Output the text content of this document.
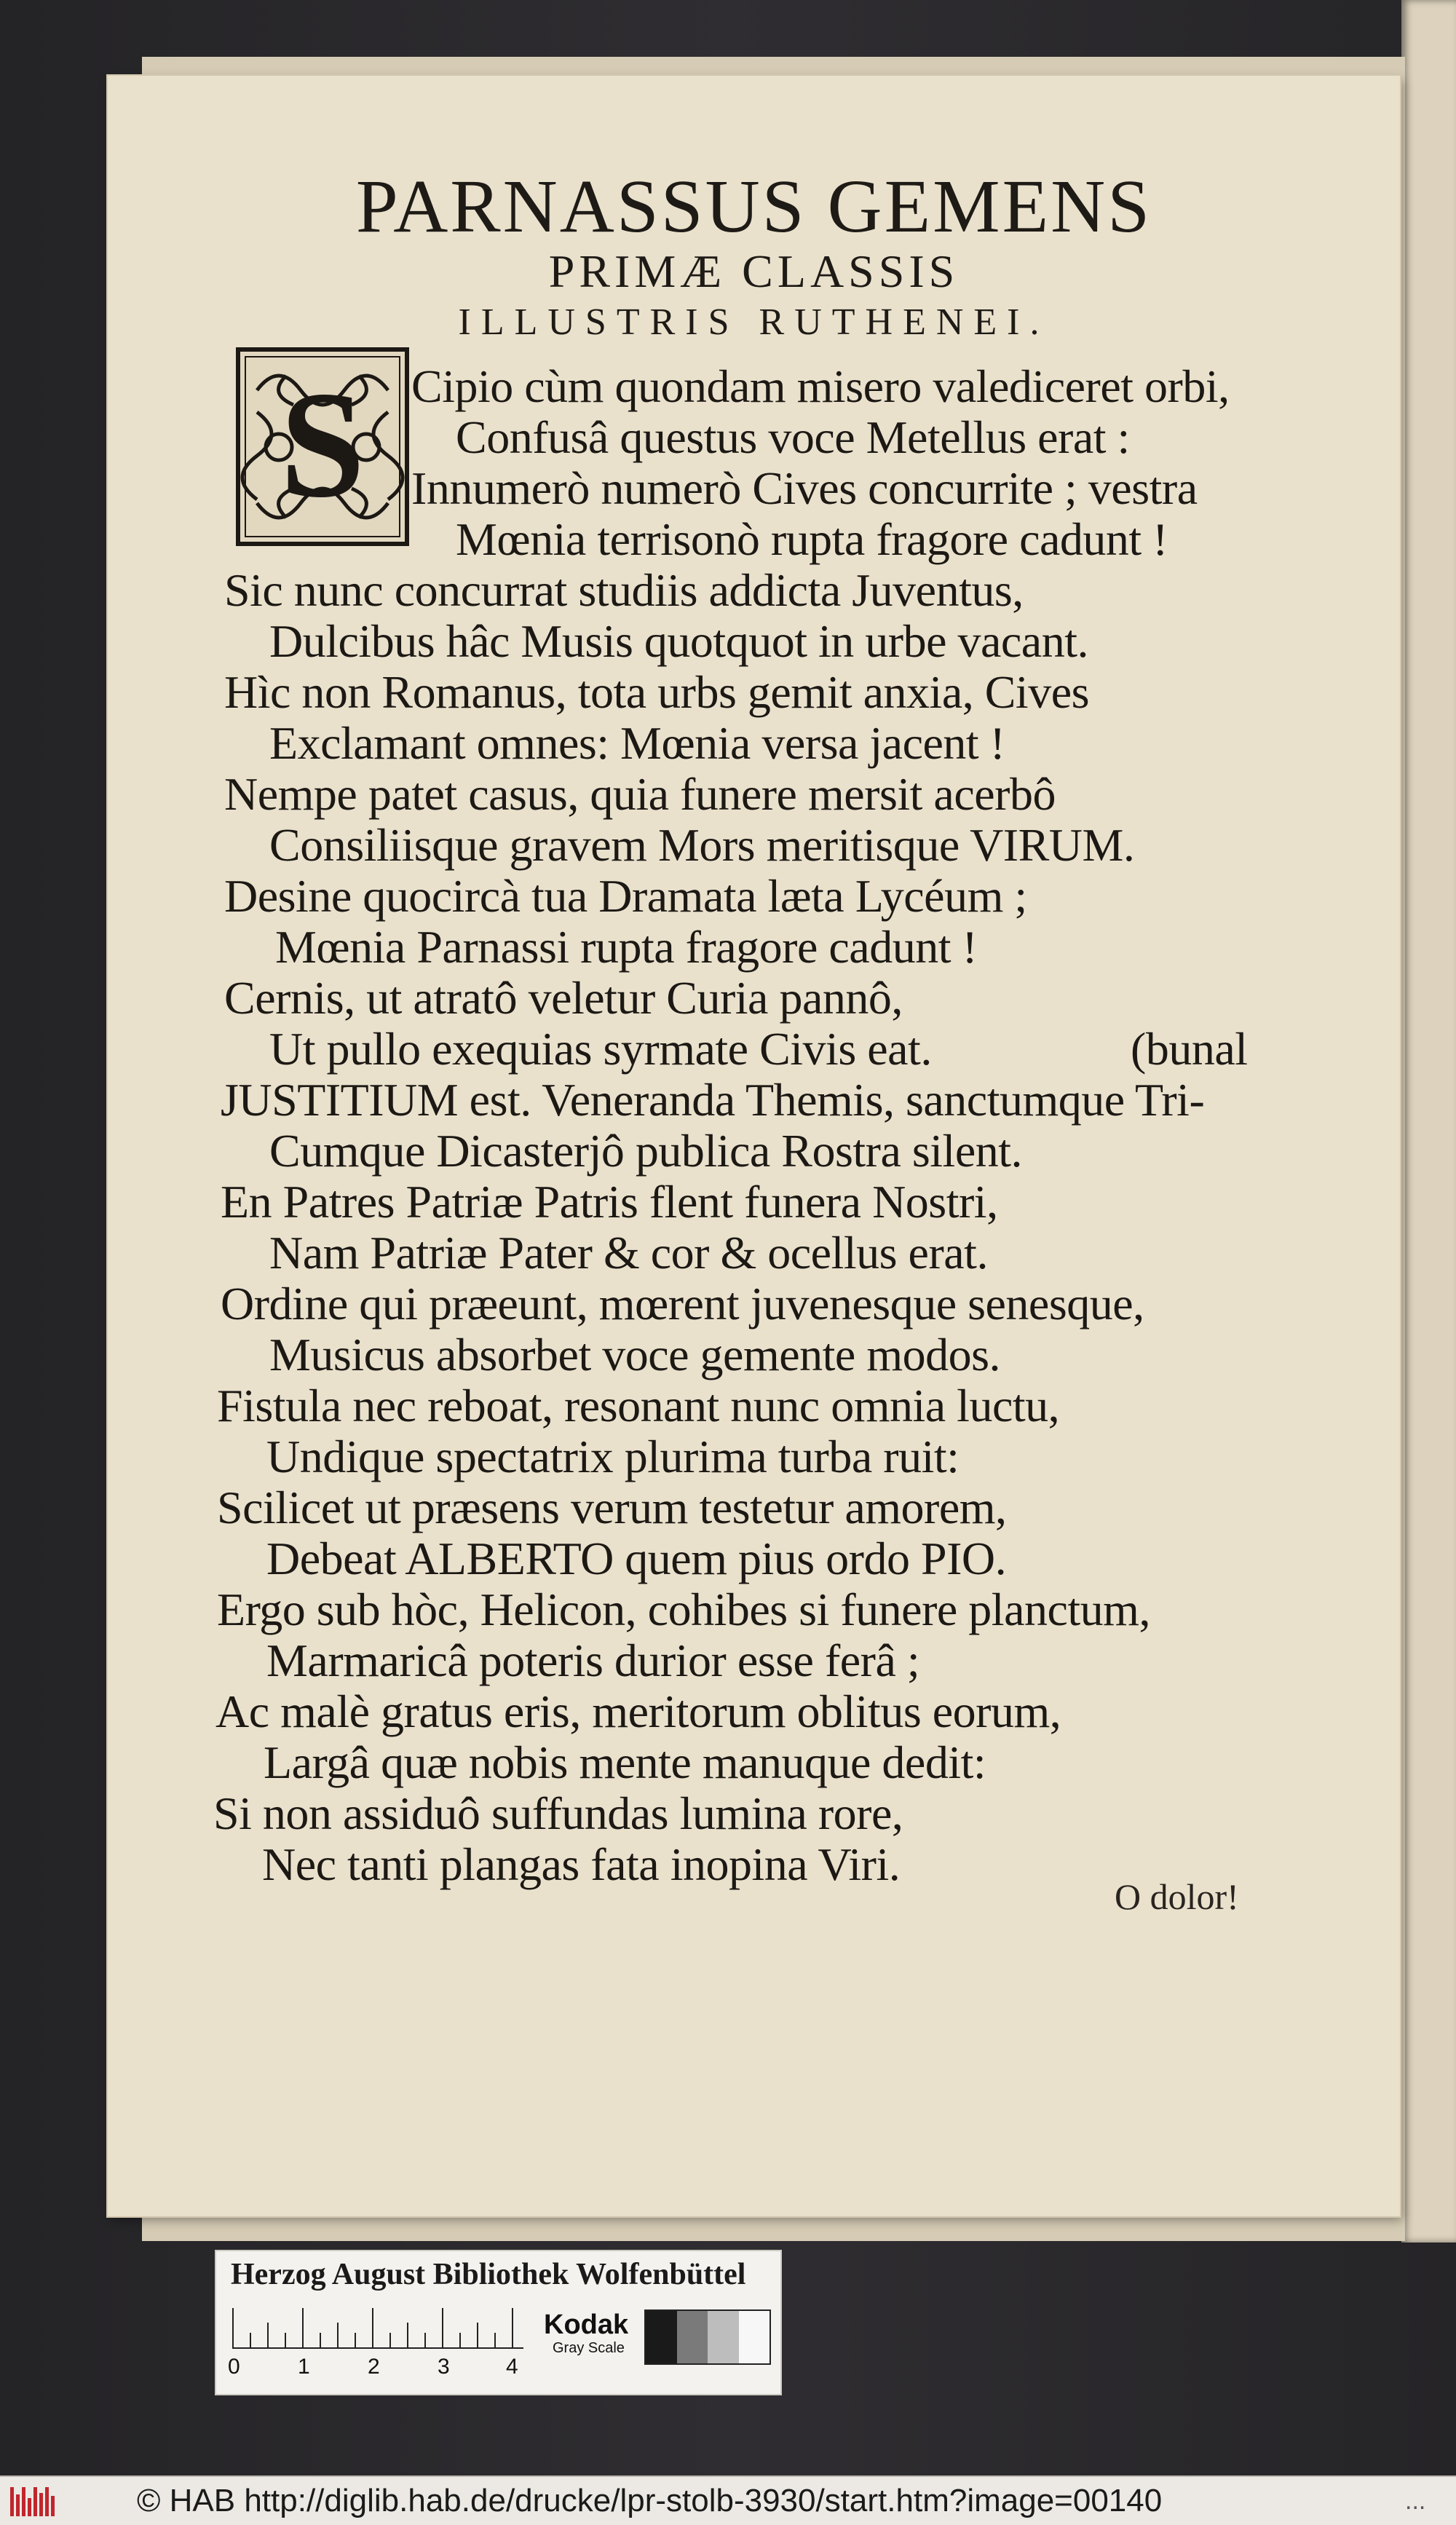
PARNASSUS GEMENS
PRIMÆ CLASSIS
ILLUSTRIS RUTHENEI.
S Cipio cùm quondam misero valediceret orbi,
Confusâ questus voce Metellus erat :
Innumerò numerò Cives concurrite ; vestra
Mœnia terrisonò rupta fragore cadunt !
Sic nunc concurrat studiis addicta Juventus,
Dulcibus hâc Musis quotquot in urbe vacant.
Hìc non Romanus, tota urbs gemit anxia, Cives
Exclamant omnes: Mœnia versa jacent !
Nempe patet casus, quia funere mersit acerbô
Consiliisque gravem Mors meritisque VIRUM.
Desine quocircà tua Dramata læta Lycéum ;
Mœnia Parnassi rupta fragore cadunt !
Cernis, ut atratô veletur Curia pannô,
Ut pullo exequias syrmate Civis eat.	(bunal
JUSTITIUM est. Veneranda Themis, sanctumque Tri-
Cumque Dicasterjô publica Rostra silent.
En Patres Patriæ Patris flent funera Nostri,
Nam Patriæ Pater & cor & ocellus erat.
Ordine qui præeunt, mœrent juvenesque senesque,
Musicus absorbet voce gemente modos.
Fistula nec reboat, resonant nunc omnia luctu,
Undique spectatrix plurima turba ruit:
Scilicet ut præsens verum testetur amorem,
Debeat ALBERTO quem pius ordo PIO.
Ergo sub hòc, Helicon, cohibes si funere planctum,
Marmaricâ poteris durior esse ferâ ;
Ac malè gratus eris, meritorum oblitus eorum,
Largâ quæ nobis mente manuque dedit:
Si non assiduô suffundas lumina rore,
Nec tanti plangas fata inopina Viri.
O dolor!
Herzog August Bibliothek Wolfenbüttel
0	1	2	3	4
Kodak
Gray Scale
© HAB http://diglib.hab.de/drucke/lpr-stolb-3930/start.htm?image=00140	...
